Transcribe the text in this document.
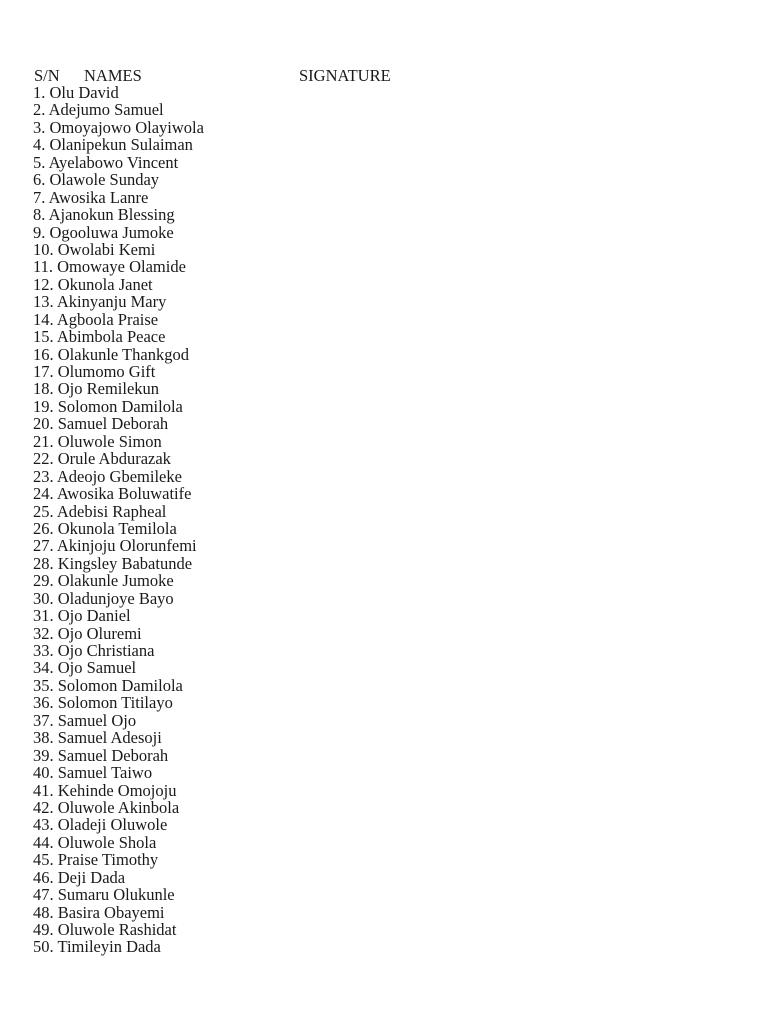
S/N NAMES	SIGNATURE
1. Olu David
2. Adejumo Samuel
3. Omoyajowo Olayiwola
4. Olanipekun Sulaiman
5. Ayelabowo Vincent
6. Olawole Sunday
7. Awosika Lanre
8. Ajanokun Blessing
9. Ogooluwa Jumoke
10. Owolabi Kemi
11. Omowaye Olamide
12. Okunola Janet
13. Akinyanju Mary
14. Agboola Praise
15. Abimbola Peace
16. Olakunle Thankgod
17. Olumomo Gift
18. Ojo Remilekun
19. Solomon Damilola
20. Samuel Deborah
21. Oluwole Simon
22. Orule Abdurazak
23. Adeojo Gbemileke
24. Awosika Boluwatife
25. Adebisi Rapheal
26. Okunola Temilola
27. Akinjoju Olorunfemi
28. Kingsley Babatunde
29. Olakunle Jumoke
30. Oladunjoye Bayo
31. Ojo Daniel
32. Ojo Oluremi
33. Ojo Christiana
34. Ojo Samuel
35. Solomon Damilola
36. Solomon Titilayo
37. Samuel Ojo
38. Samuel Adesoji
39. Samuel Deborah
40. Samuel Taiwo
41. Kehinde Omojoju
42. Oluwole Akinbola
43. Oladeji Oluwole
44. Oluwole Shola
45. Praise Timothy
46. Deji Dada
47. Sumaru Olukunle
48. Basira Obayemi
49. Oluwole Rashidat
50. Timileyin Dada
